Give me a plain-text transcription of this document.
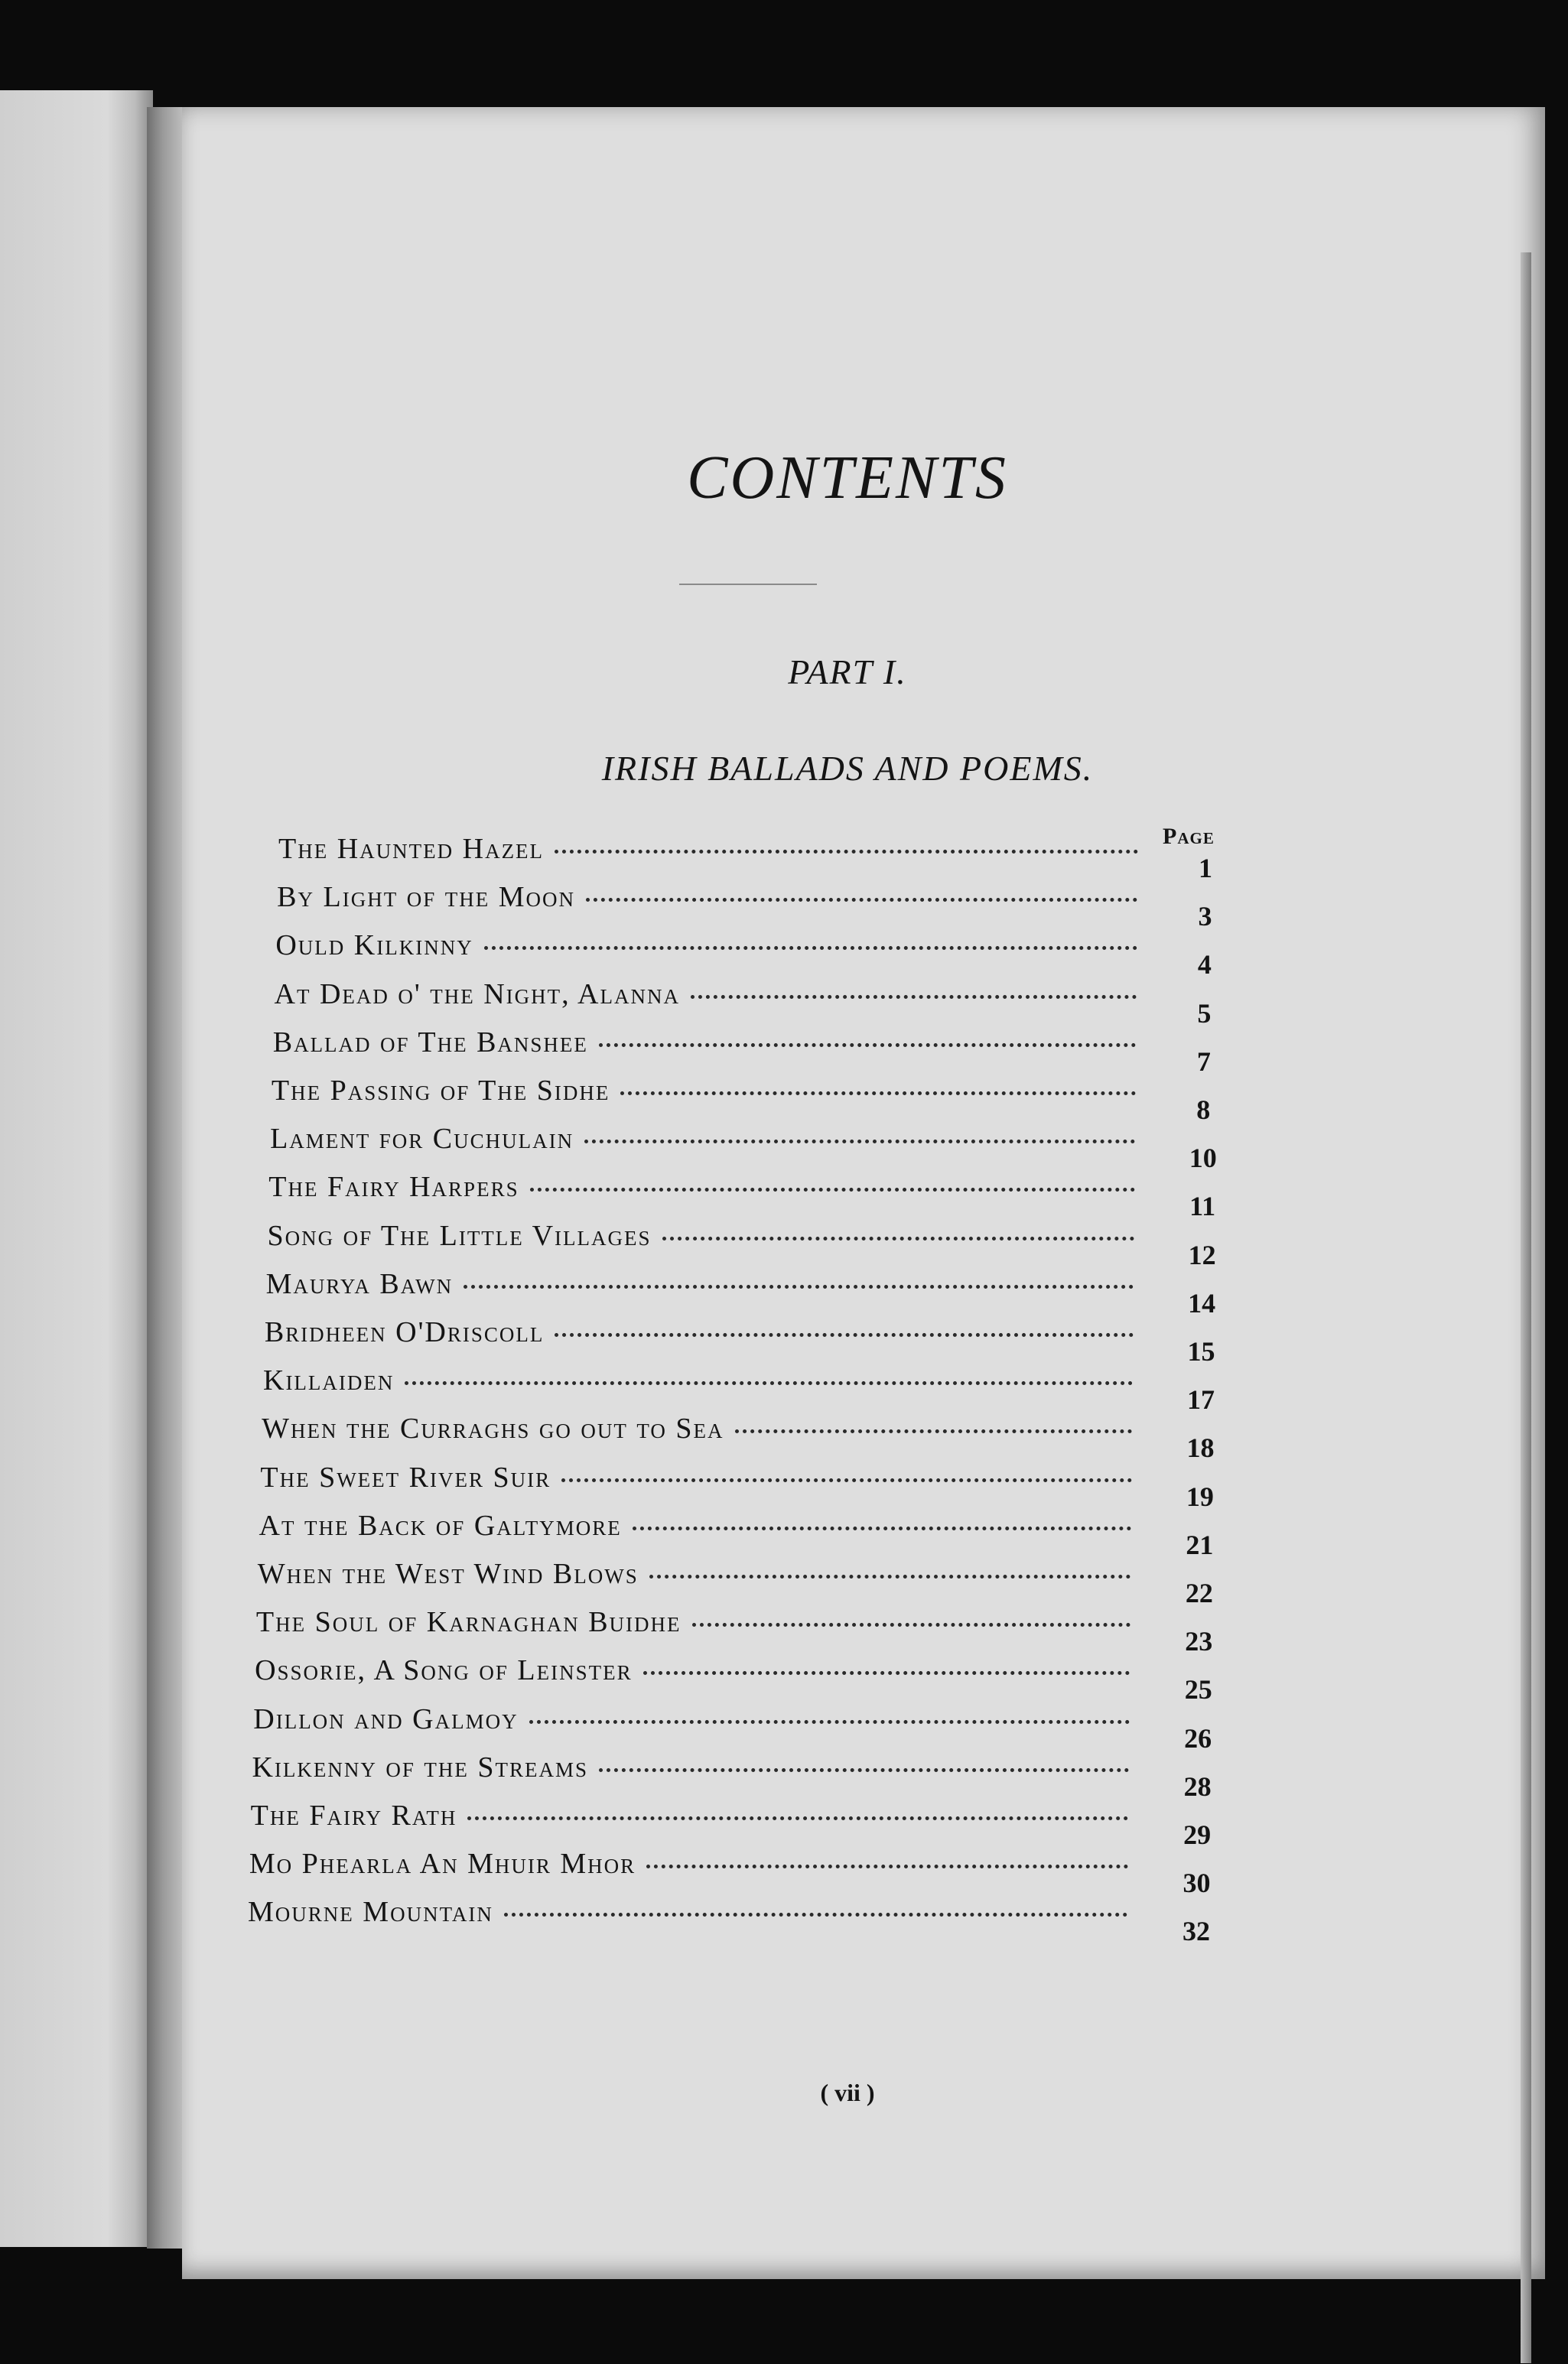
CONTENTS
PART I.
IRISH BALLADS AND POEMS.
Page
The Haunted Hazel
1
By Light of the Moon
3
Ould Kilkinny
4
At Dead o' the Night, Alanna
5
Ballad of The Banshee
7
The Passing of The Sidhe
8
Lament for Cuchulain
10
The Fairy Harpers
11
Song of The Little Villages
12
Maurya Bawn
14
Bridheen O'Driscoll
15
Killaiden
17
When the Curraghs go out to Sea
18
The Sweet River Suir
19
At the Back of Galtymore
21
When the West Wind Blows
22
The Soul of Karnaghan Buidhe
23
Ossorie, A Song of Leinster
25
Dillon and Galmoy
26
Kilkenny of the Streams
28
The Fairy Rath
29
Mo Phearla An Mhuir Mhor
30
Mourne Mountain
32
( vii )
